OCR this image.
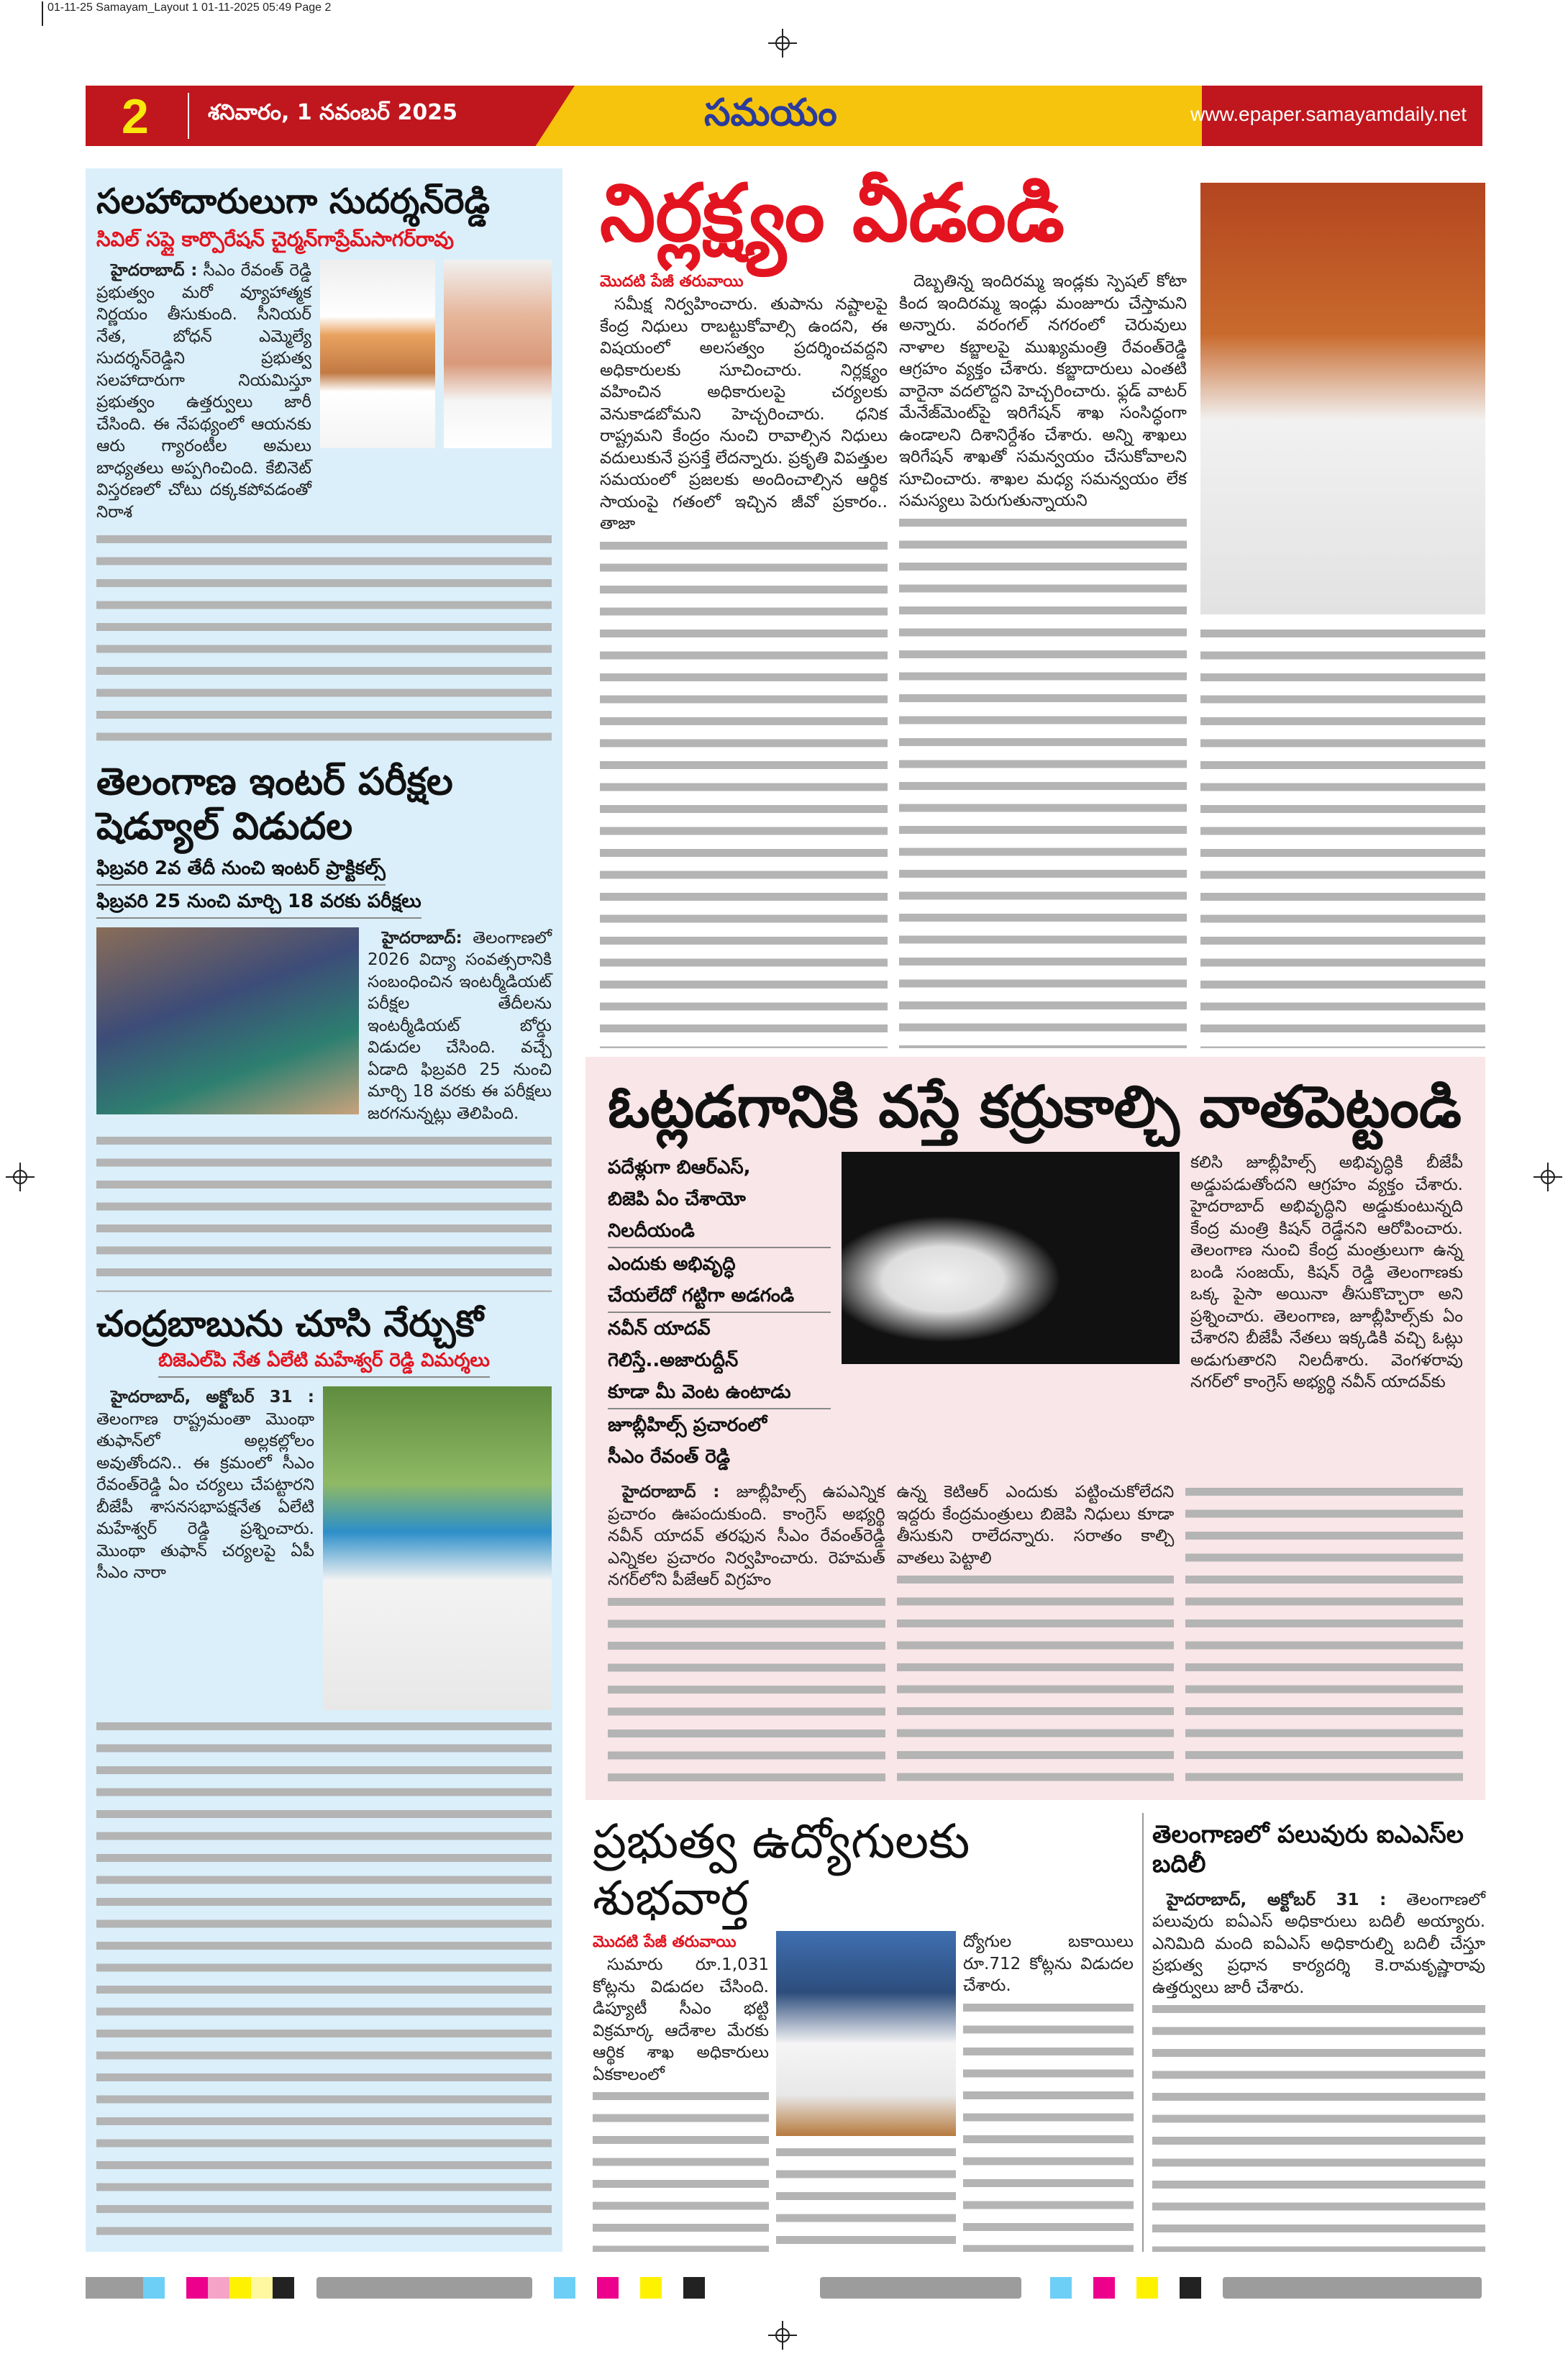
01-11-25 Samayam_Layout 1 01-11-2025 05:49 Page 2
2	శనివారం, 1 నవంబర్ 2025	సమయం	www.epaper.samayamdaily.net
సలహాదారులుగా సుదర్శన్‌రెడ్డి
సివిల్ సప్లై కార్పొరేషన్ చైర్మన్‌గాప్రేమ్‌సాగర్‌రావు

హైదరాబాద్ : సీఎం రేవంత్ రెడ్డి ప్రభుత్వం మరో వ్యూహాత్మక నిర్ణయం తీసుకుంది. సీనియర్ నేత, బోధన్ ఎమ్మెల్యే సుదర్శన్‌రెడ్డిని ప్రభుత్వ సలహాదారుగా నియమిస్తూ ప్రభుత్వం ఉత్తర్వులు జారీ చేసింది. ఈ నేపథ్యంలో ఆయనకు ఆరు గ్యారంటీల అమలు బాధ్యతలు అప్పగించింది. కేబినెట్ విస్తరణలో చోటు దక్కకపోవడంతో నిరాశ

తెలంగాణ ఇంటర్ పరీక్షల షెడ్యూల్ విడుదల
ఫిబ్రవరి 2వ తేదీ నుంచి ఇంటర్ ప్రాక్టికల్స్
ఫిబ్రవరి 25 నుంచి మార్చి 18 వరకు పరీక్షలు

హైదరాబాద్: తెలంగాణలో 2026 విద్యా సంవత్సరానికి సంబంధించిన ఇంటర్మీడియట్ పరీక్షల తేదీలను ఇంటర్మీడియట్ బోర్డు విడుదల చేసింది. వచ్చే ఏడాది ఫిబ్రవరి 25 నుంచి మార్చి 18 వరకు ఈ పరీక్షలు జరగనున్నట్లు తెలిపింది.

చంద్రబాబును చూసి నేర్చుకో
బిజెఎల్‌పి నేత ఏలేటి మహేశ్వర్ రెడ్డి విమర్శలు

హైదరాబాద్, అక్టోబర్ 31 : తెలంగాణ రాష్ట్రమంతా మొంథా తుఫాన్‌లో అల్లకల్లోలం అవుతోందని.. ఈ క్రమంలో సీఎం రేవంత్‌రెడ్డి ఏం చర్యలు చేపట్టారని బీజేపీ శాసనసభాపక్షనేత ఏలేటి మహేశ్వర్ రెడ్డి ప్రశ్నించారు. మొంథా తుఫాన్ చర్యలపై ఏపీ సీఎం నారా

నిర్లక్ష్యం వీడండి
మొదటి పేజీ తరువాయి

సమీక్ష నిర్వహించారు. తుపాను నష్టాలపై కేంద్ర నిధులు రాబట్టుకోవాల్సి ఉందని, ఈ విషయంలో అలసత్వం ప్రదర్శించవద్దని అధికారులకు సూచించారు. నిర్లక్ష్యం వహించిన అధికారులపై చర్యలకు వెనుకాడబోమని హెచ్చరించారు. ధనిక రాష్ట్రమని కేంద్రం నుంచి రావాల్సిన నిధులు వదులుకునే ప్రసక్తే లేదన్నారు. ప్రకృతి విపత్తుల సమయంలో ప్రజలకు అందించాల్సిన ఆర్థిక సాయంపై గతంలో ఇచ్చిన జీవో ప్రకారం.. తాజా

దెబ్బతిన్న ఇందిరమ్మ ఇండ్లకు స్పెషల్ కోటా కింద ఇందిరమ్మ ఇండ్లు మంజూరు చేస్తామని అన్నారు. వరంగల్ నగరంలో చెరువులు నాళాల కబ్జాలపై ముఖ్యమంత్రి రేవంత్‌రెడ్డి ఆగ్రహం వ్యక్తం చేశారు. కబ్జాదారులు ఎంతటి వారైనా వదలొద్దని హెచ్చరించారు. ఫ్లడ్ వాటర్ మేనేజ్‌మెంట్‌పై ఇరిగేషన్ శాఖ సంసిద్ధంగా ఉండాలని దిశానిర్దేశం చేశారు. అన్ని శాఖలు ఇరిగేషన్ శాఖతో సమన్వయం చేసుకోవాలని సూచించారు. శాఖల మధ్య సమన్వయం లేక సమస్యలు పెరుగుతున్నాయని

ఓట్లడగానికి వస్తే కర్రుకాల్చి వాతపెట్టండి
పదేళ్లుగా బిఆర్ఎస్,
బిజెపి ఏం చేశాయో నిలదీయండి
ఎందుకు అభివృద్ధి
చేయలేదో గట్టిగా అడగండి
నవీన్ యాదవ్ గెలిస్తే..అజారుద్దీన్
కూడా మీ వెంట ఉంటాడు
జూబ్లీహిల్స్ ప్రచారంలో
సీఎం రేవంత్ రెడ్డి

కలిసి జూబ్లీహిల్స్ అభివృద్ధికి బీజేపీ అడ్డుపడుతోందని ఆగ్రహం వ్యక్తం చేశారు. హైదరాబాద్ అభివృద్ధిని అడ్డుకుంటున్నది కేంద్ర మంత్రి కిషన్ రెడ్డేనని ఆరోపించారు. తెలంగాణ నుంచి కేంద్ర మంత్రులుగా ఉన్న బండి సంజయ్, కిషన్ రెడ్డి తెలంగాణకు ఒక్క పైసా అయినా తీసుకొచ్చారా అని ప్రశ్నించారు. తెలంగాణ, జూబ్లీహిల్స్‌కు ఏం చేశారని బీజేపీ నేతలు ఇక్కడికి వచ్చి ఓట్లు అడుగుతారని నిలదీశారు. వెంగళరావు నగర్‌లో కాంగ్రెస్ అభ్యర్థి నవీన్ యాదవ్‌కు

హైదరాబాద్ : జూబ్లీహిల్స్ ఉపఎన్నిక ప్రచారం ఊపందుకుంది. కాంగ్రెస్ అభ్యర్థి నవీన్ యాదవ్ తరఫున సీఎం రేవంత్‌రెడ్డి ఎన్నికల ప్రచారం నిర్వహించారు. రెహమత్ నగర్‌లోని పీజేఆర్ విగ్రహం

ఉన్న కెటిఆర్ ఎందుకు పట్టించుకోలేదని ఇద్దరు కేంద్రమంత్రులు బిజెపి నిధులు కూడా తీసుకుని రాలేదన్నారు. సరాతం కాల్చి వాతలు పెట్టాలి

ప్రభుత్వ ఉద్యోగులకు శుభవార్త
మొదటి పేజీ తరువాయి

సుమారు రూ.1,031 కోట్లను విడుదల చేసింది. డిప్యూటీ సీఎం భట్టి విక్రమార్క ఆదేశాల మేరకు ఆర్థిక శాఖ అధికారులు ఏకకాలంలో

ద్యోగుల బకాయిలు రూ.712 కోట్లను విడుదల చేశారు.

తెలంగాణలో పలువురు ఐఎఎస్‌ల బదిలీ

హైదరాబాద్, అక్టోబర్ 31 : తెలంగాణలో పలువురు ఐఏఎస్ అధికారులు బదిలీ అయ్యారు. ఎనిమిది మంది ఐఏఎస్ అధికారుల్ని బదిలీ చేస్తూ ప్రభుత్వ ప్రధాన కార్యదర్శి కె.రామకృష్ణారావు ఉత్తర్వులు జారీ చేశారు.
